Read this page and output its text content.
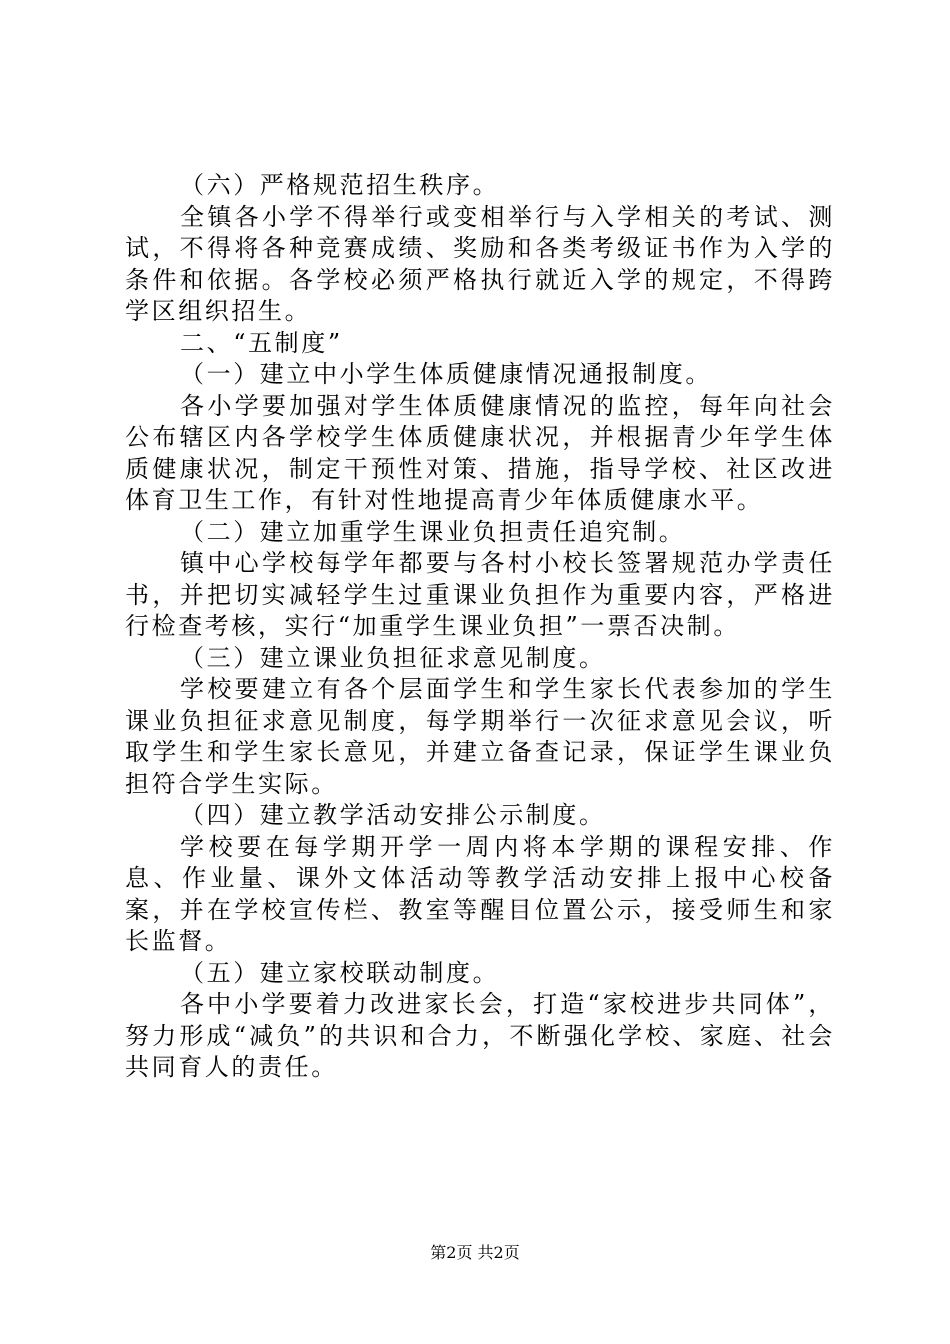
（六）严格规范招生秩序。

全镇各小学不得举行或变相举行与入学相关的考试、测试，不得将各种竞赛成绩、奖励和各类考级证书作为入学的条件和依据。各学校必须严格执行就近入学的规定，不得跨学区组织招生。

二、“五制度”

（一）建立中小学生体质健康情况通报制度。

各小学要加强对学生体质健康情况的监控，每年向社会公布辖区内各学校学生体质健康状况，并根据青少年学生体质健康状况，制定干预性对策、措施，指导学校、社区改进体育卫生工作，有针对性地提高青少年体质健康水平。

（二）建立加重学生课业负担责任追究制。

镇中心学校每学年都要与各村小校长签署规范办学责任书，并把切实减轻学生过重课业负担作为重要内容，严格进行检查考核，实行“加重学生课业负担”一票否决制。

（三）建立课业负担征求意见制度。

学校要建立有各个层面学生和学生家长代表参加的学生课业负担征求意见制度，每学期举行一次征求意见会议，听取学生和学生家长意见，并建立备查记录，保证学生课业负担符合学生实际。

（四）建立教学活动安排公示制度。

学校要在每学期开学一周内将本学期的课程安排、作息、作业量、课外文体活动等教学活动安排上报中心校备案，并在学校宣传栏、教室等醒目位置公示，接受师生和家长监督。

（五）建立家校联动制度。

各中小学要着力改进家长会，打造“家校进步共同体”，努力形成“减负”的共识和合力，不断强化学校、家庭、社会共同育人的责任。

第2页 共2页
